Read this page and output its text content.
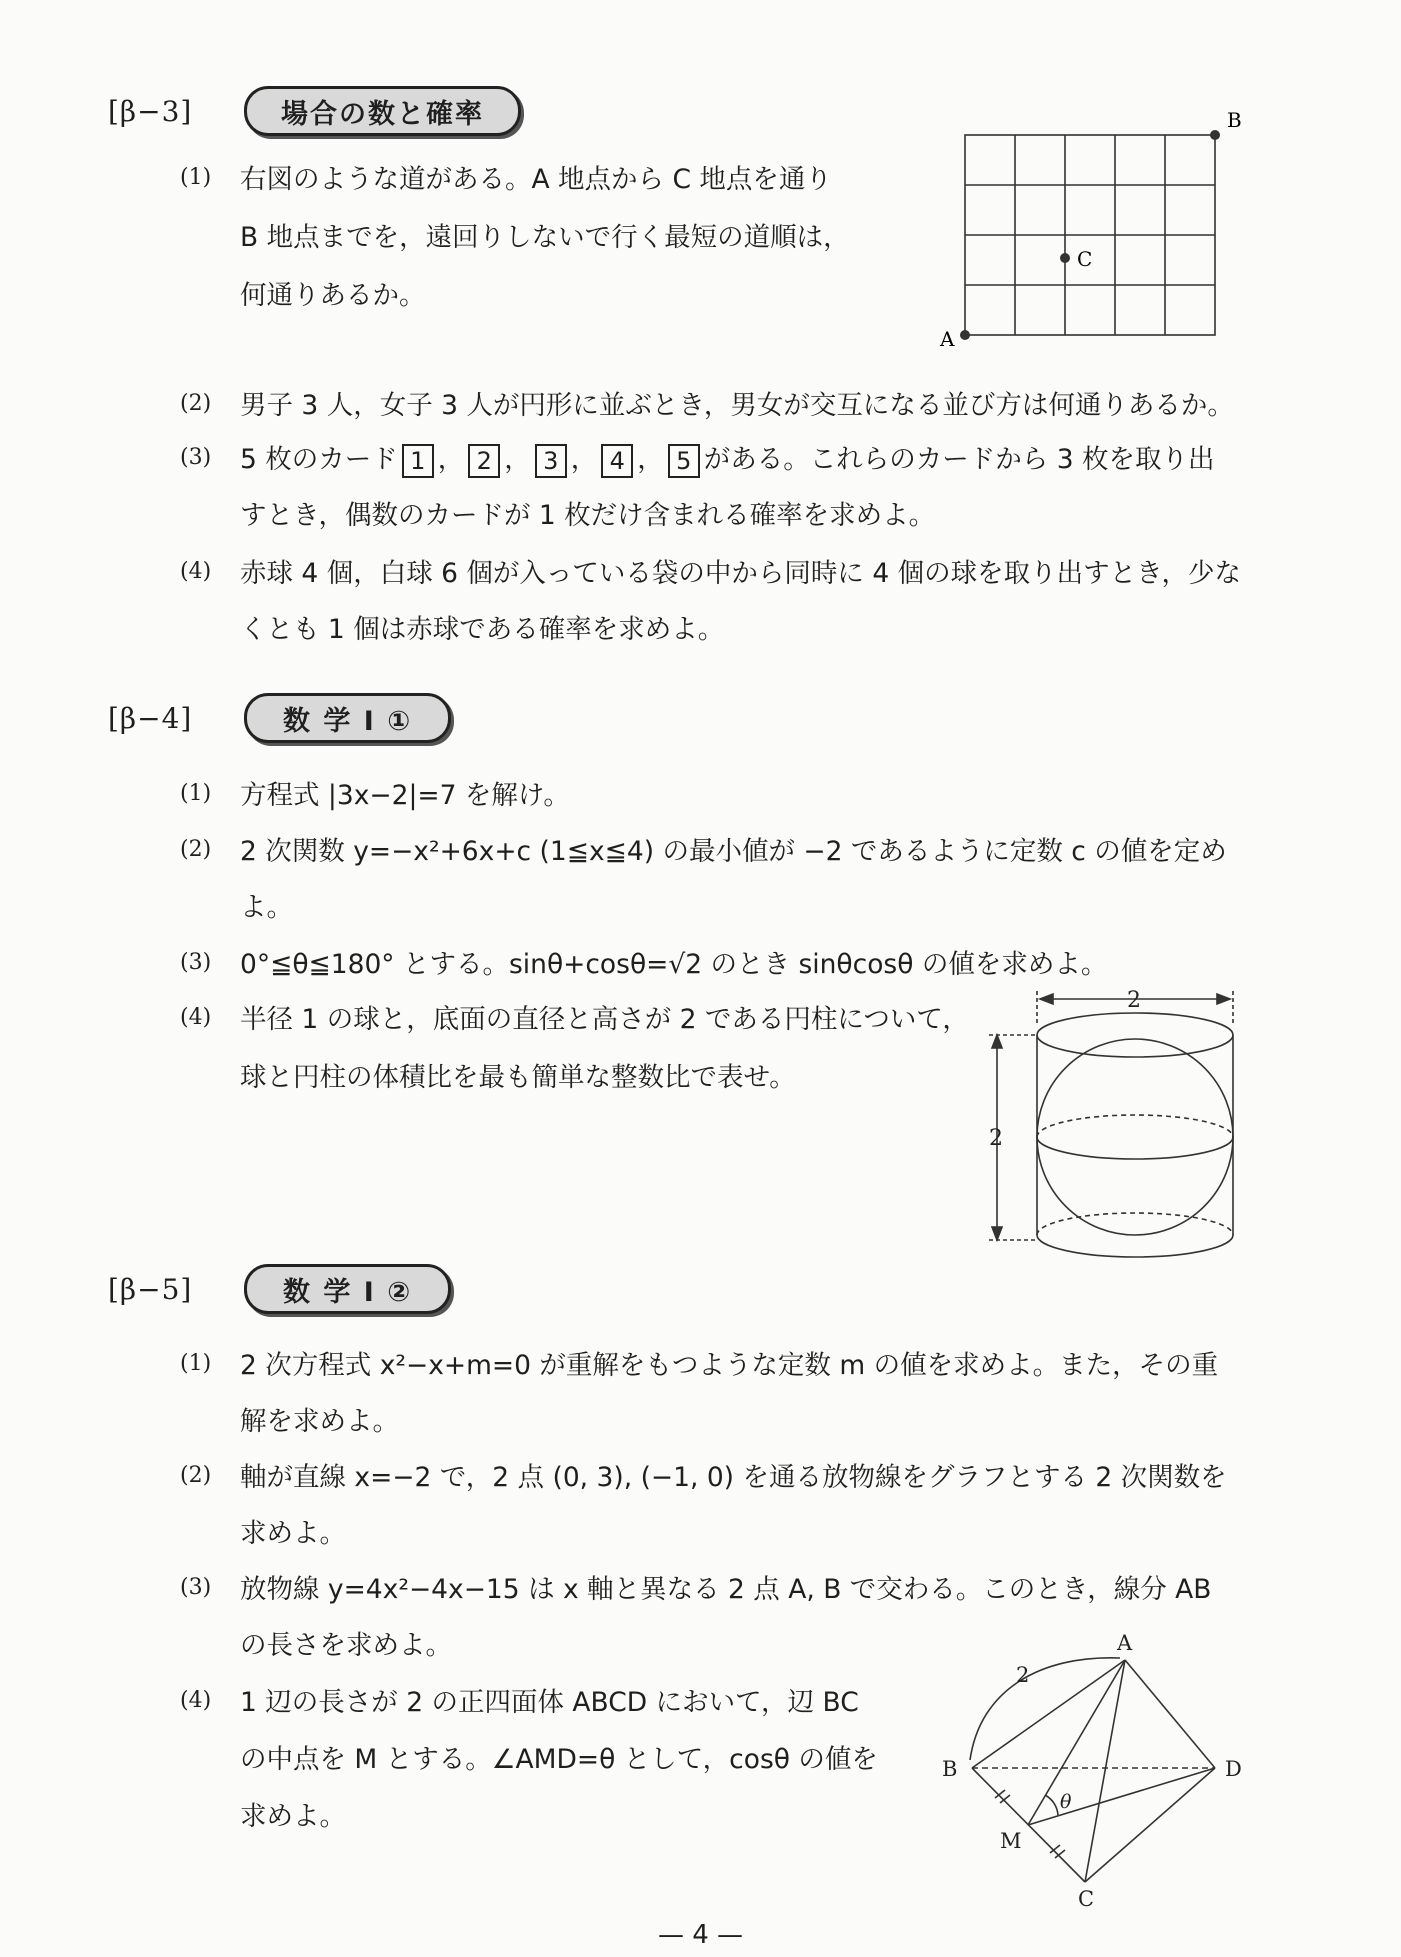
[β−3]	場合の数と確率
(1) 右図のような道がある。A 地点から C 地点を通り
B 地点までを，遠回りしないで行く最短の道順は，
何通りあるか。
A
B
C
(2) 男子 3 人，女子 3 人が円形に並ぶとき，男女が交互になる並び方は何通りあるか。
(3) 5 枚のカード 1 ， 2 ， 3 ， 4 ， 5 がある。これらのカードから 3 枚を取り出
すとき，偶数のカードが 1 枚だけ含まれる確率を求めよ。
(4) 赤球 4 個，白球 6 個が入っている袋の中から同時に 4 個の球を取り出すとき，少な
くとも 1 個は赤球である確率を求めよ。
[β−4]	数 学 Ⅰ ①
(1) 方程式 |3x−2|=7 を解け。
(2) 2 次関数 y=−x²+6x+c (1≦x≦4) の最小値が −2 であるように定数 c の値を定め
よ。
(3) 0°≦θ≦180° とする。sinθ+cosθ=√2 のとき sinθcosθ の値を求めよ。
(4) 半径 1 の球と，底面の直径と高さが 2 である円柱について，
球と円柱の体積比を最も簡単な整数比で表せ。
2
2
[β−5]	数 学 Ⅰ ②
(1) 2 次方程式 x²−x+m=0 が重解をもつような定数 m の値を求めよ。また，その重
解を求めよ。
(2) 軸が直線 x=−2 で，2 点 (0, 3), (−1, 0) を通る放物線をグラフとする 2 次関数を
求めよ。
(3) 放物線 y=4x²−4x−15 は x 軸と異なる 2 点 A, B で交わる。このとき，線分 AB
の長さを求めよ。
(4) 1 辺の長さが 2 の正四面体 ABCD において，辺 BC
の中点を M とする。∠AMD=θ として，cosθ の値を
求めよ。
A
B
C
D
M
2
θ
— 4 —
